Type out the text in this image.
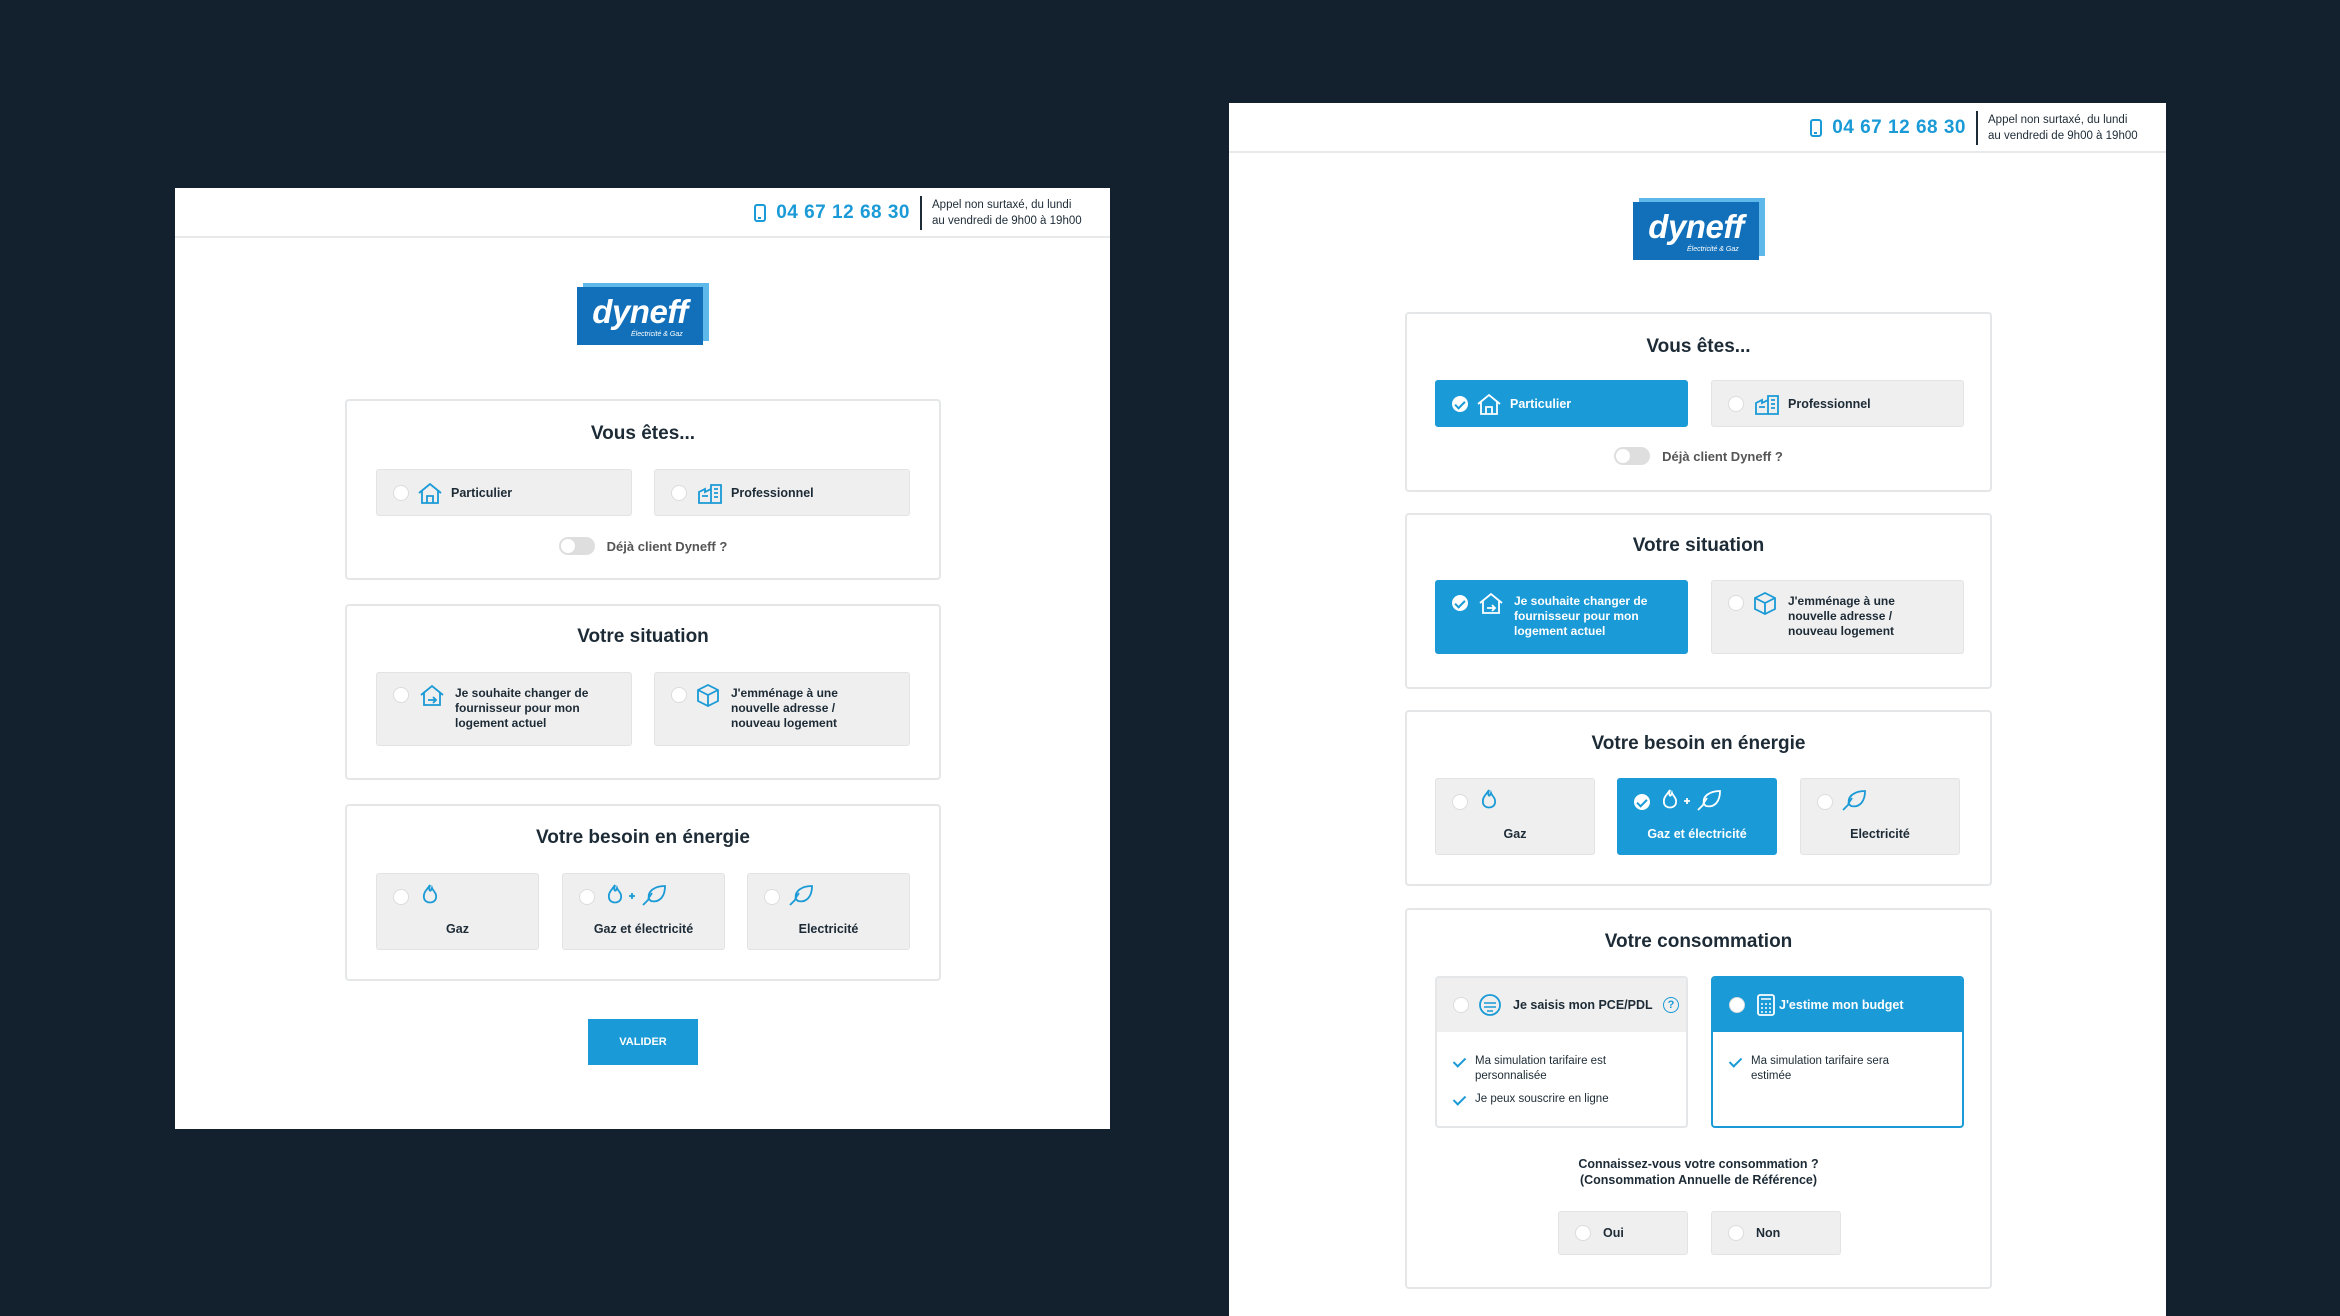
04 67 12 68 30 Appel non surtaxé, du lundi
au vendredi de 9h00 à 19h00
dyneff
Électricité & Gaz
Vous êtes...
Particulier	Professionnel
Déjà client Dyneff ?
Votre situation
Je souhaite changer de
fournisseur pour mon
logement actuel
J'emménage à une
nouvelle adresse /
nouveau logement
Votre besoin en énergie
Gaz	Gaz et électricité	Electricité
VALIDER
04 67 12 68 30 Appel non surtaxé, du lundi
au vendredi de 9h00 à 19h00
dyneff
Électricité & Gaz
Vous êtes...
Particulier	Professionnel
Déjà client Dyneff ?
Votre situation
Je souhaite changer de
fournisseur pour mon
logement actuel
J'emménage à une
nouvelle adresse /
nouveau logement
Votre besoin en énergie
Gaz	Gaz et électricité	Electricité
Votre consommation
Je saisis mon PCE/PDL	?
Ma simulation tarifaire est
personnalisée
Je peux souscrire en ligne
J'estime mon budget
Ma simulation tarifaire sera
estimée
Connaissez-vous votre consommation ?
(Consommation Annuelle de Référence)
Oui	Non
